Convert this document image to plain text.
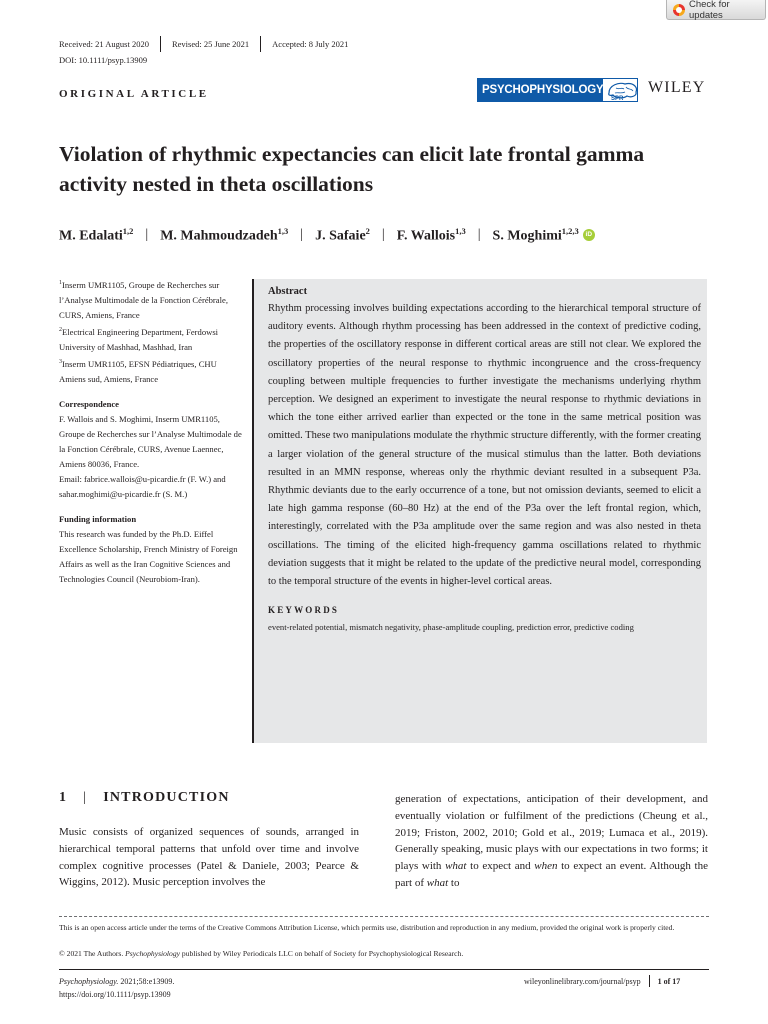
Check for updates
Received: 21 August 2020	Revised: 25 June 2021	Accepted: 8 July 2021
DOI: 10.1111/psyp.13909
ORIGINAL ARTICLE	PSYCHOPHYSIOLOGY
SPR
WILEY
Violation of rhythmic expectancies can elicit late frontal gamma activity nested in theta oscillations
M. Edalati$^{1,2}$ | M. Mahmoudzadeh$^{1,3}$ | J. Safaie$^2$ | F. Wallois$^{1,3}$ | S. Moghimi$^{1,2,3}$	iD

$^1$Inserm UMR1105, Groupe de Recherches sur l’Analyse Multimodale de la Fonction Cérébrale, CURS, Amiens, France

$^2$Electrical Engineering Department, Ferdowsi University of Mashhad, Mashhad, Iran

$^3$Inserm UMR1105, EFSN Pédiatriques, CHU Amiens sud, Amiens, France

Correspondence

F. Wallois and S. Moghimi, Inserm UMR1105, Groupe de Recherches sur l’Analyse Multimodale de la Fonction Cérébrale, CURS, Avenue Laennec, Amiens 80036, France.

Email: fabrice.wallois@u-picardie.fr (F. W.) and sahar.moghimi@u-picardie.fr (S. M.)

Funding information

This research was funded by the Ph.D. Eiffel Excellence Scholarship, French Ministry of Foreign Affairs as well as the Iran Cognitive Sciences and Technologies Council (Neurobiom-Iran).

Abstract
Rhythm processing involves building expectations according to the hierarchical temporal structure of auditory events. Although rhythm processing has been addressed in the context of predictive coding, the properties of the oscillatory response in different cortical areas are still not clear. We explored the oscillatory properties of the neural response to rhythmic incongruence and the cross-frequency coupling between multiple frequencies to further investigate the mechanisms underlying rhythm perception. We designed an experiment to investigate the neural response to rhythmic deviations in which the tone either arrived earlier than expected or the tone in the same metrical position was omitted. These two manipulations modulate the rhythmic structure differently, with the former creating a larger violation of the general structure of the musical stimulus than the latter. Both deviations resulted in an MMN response, whereas only the rhythmic deviant resulted in a subsequent P3a. Rhythmic deviants due to the early occurrence of a tone, but not omission deviants, seemed to elicit a late high gamma response (60–80 Hz) at the end of the P3a over the left frontal region, which, interestingly, correlated with the P3a amplitude over the same region and was also nested in theta oscillations. The timing of the elicited high-frequency gamma oscillations related to rhythmic deviation suggests that it might be related to the update of the predictive neural model, corresponding to the temporal structure of the events in higher-level cortical areas.
KEYWORDS
event-related potential, mismatch negativity, phase-amplitude coupling, prediction error, predictive coding
1 | INTRODUCTION
Music consists of organized sequences of sounds, arranged in hierarchical temporal patterns that unfold over time and involve complex cognitive processes (Patel & Daniele, 2003; Pearce & Wiggins, 2012). Music perception involves the
generation of expectations, anticipation of their development, and eventually violation or fulfilment of the predictions (Cheung et al., 2019; Friston, 2002, 2010; Gold et al., 2019; Lumaca et al., 2019). Generally speaking, music plays with our expectations in two forms; it plays with what to expect and when to expect an event. Although the part of what to
This is an open access article under the terms of the Creative Commons Attribution License, which permits use, distribution and reproduction in any medium, provided the original work is properly cited.
© 2021 The Authors. Psychophysiology published by Wiley Periodicals LLC on behalf of Society for Psychophysiological Research.
Psychophysiology. 2021;58:e13909.
https://doi.org/10.1111/psyp.13909
wileyonlinelibrary.com/journal/psyp 1 of 17
